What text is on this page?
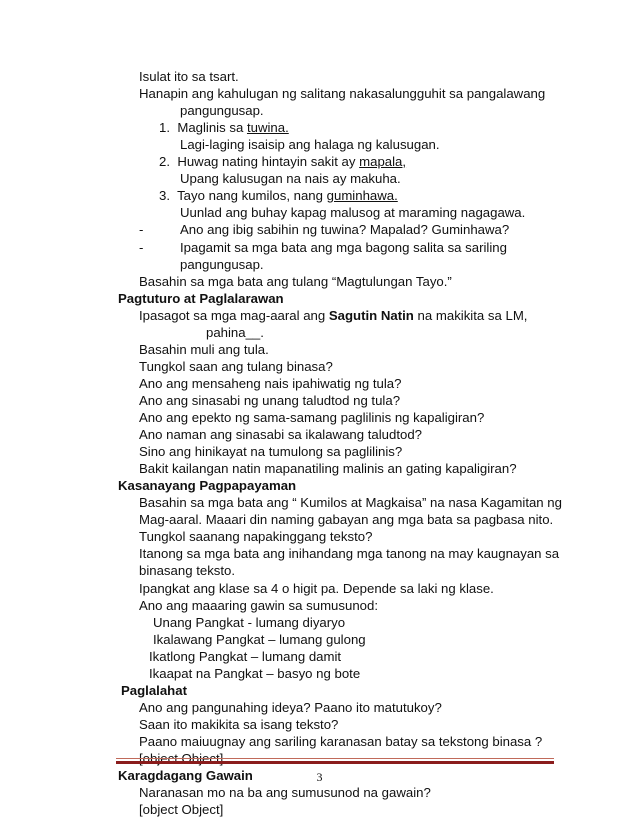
Isulat ito sa tsart.
Hanapin ang kahulugan ng salitang nakasalungguhit sa pangalawang
pangungusap.
1. Maglinis sa tuwina.
Lagi-laging isaisip ang halaga ng kalusugan.
2. Huwag nating hintayin sakit ay mapala,
Upang kalusugan na nais ay makuha.
3. Tayo nang kumilos, nang guminhawa.
Uunlad ang buhay kapag malusog at maraming nagagawa.
-	Ano ang ibig sabihin ng tuwina? Mapalad? Guminhawa?
-	Ipagamit sa mga bata ang mga bagong salita sa sariling
pangungusap.
Basahin sa mga bata ang tulang “Magtulungan Tayo.”
Pagtuturo at Paglalarawan
Ipasagot sa mga mag-aaral ang Sagutin Natin na makikita sa LM,
pahina__.
Basahin muli ang tula.
Tungkol saan ang tulang binasa?
Ano ang mensaheng nais ipahiwatig ng tula?
Ano ang sinasabi ng unang taludtod ng tula?
Ano ang epekto ng sama-samang paglilinis ng kapaligiran?
Ano naman ang sinasabi sa ikalawang taludtod?
Sino ang hinikayat na tumulong sa paglilinis?
Bakit kailangan natin mapanatiling malinis an gating kapaligiran?
Kasanayang Pagpapayaman
Basahin sa mga bata ang “ Kumilos at Magkaisa” na nasa Kagamitan ng
Mag-aaral. Maaari din naming gabayan ang mga bata sa pagbasa nito.
Tungkol saanang napakinggang teksto?
Itanong sa mga bata ang inihandang mga tanong na may kaugnayan sa
binasang teksto.
Ipangkat ang klase sa 4 o higit pa. Depende sa laki ng klase.
Ano ang maaaring gawin sa sumusunod:
Unang Pangkat - lumang diyaryo
Ikalawang Pangkat – lumang gulong
Ikatlong Pangkat – lumang damit
Ikaapat na Pangkat – basyo ng bote
Paglalahat
Ano ang pangunahing ideya? Paano ito matutukoy?
Saan ito makikita sa isang teksto?
Paano maiuugnay ang sariling karanasan batay sa tekstong binasa ?
Karagdagang Gawain
Naranasan mo na ba ang sumusunod na gawain?
[object Object]
3
